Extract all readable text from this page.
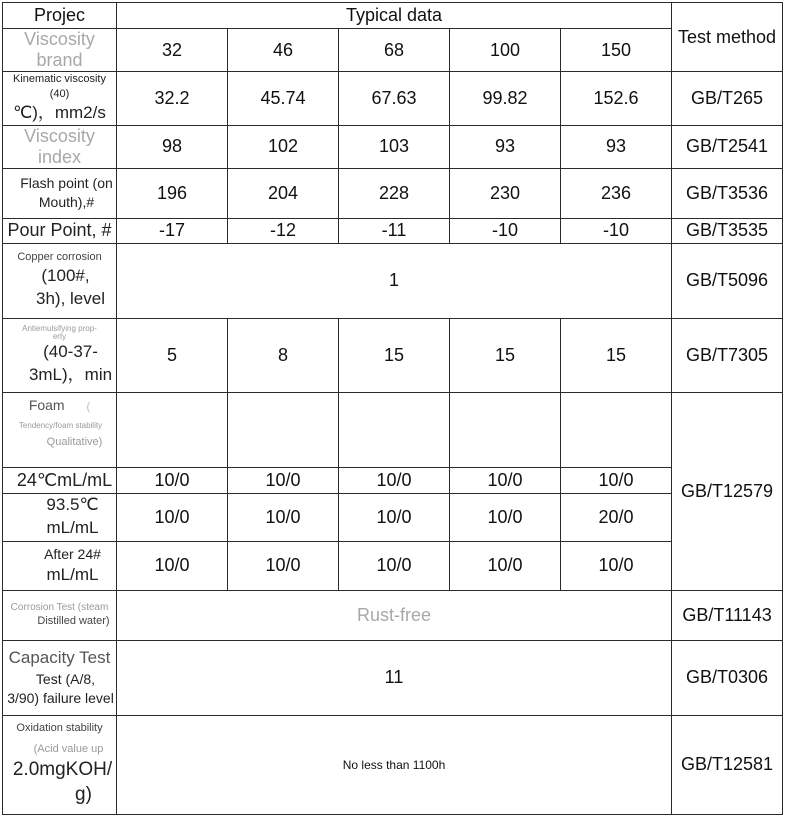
Projec	Typical data					Test method
Viscosity brand	32	46	68	100	150	

Kinematic viscosity (40)
℃)，mm2/s	32.2	45.74	67.63	99.82	152.6	GB/T265
Viscosity index	98	102	103	93	93	GB/T2541

Flash point (on
Mouth),#	196	204	228	230	236	GB/T3536
Pour Point, #	-17	-12	-11	-10	-10	GB/T3535

Copper corrosion
(100#,
3h), level	1					GB/T5096

Antiemulsifying prop-
erty
(40-37-
3mL)，min	5	8	15	15	15	GB/T7305

Foam (
Tendency/foam stability
Qualitative)						GB/T12579
24℃mL/mL	10/0	10/0	10/0	10/0	10/0	

93.5℃
mL/mL	10/0	10/0	10/0	10/0	20/0	

After 24#
mL/mL	10/0	10/0	10/0	10/0	10/0	

Corrosion Test (steam
Distilled water)	Rust-free					GB/T11143

Capacity Test
Test (A/8,
3/90) failure level	11					GB/T0306

Oxidation stability
(Acid value up
2.0mgKOH/
g)	No less than 1100h					GB/T12581
